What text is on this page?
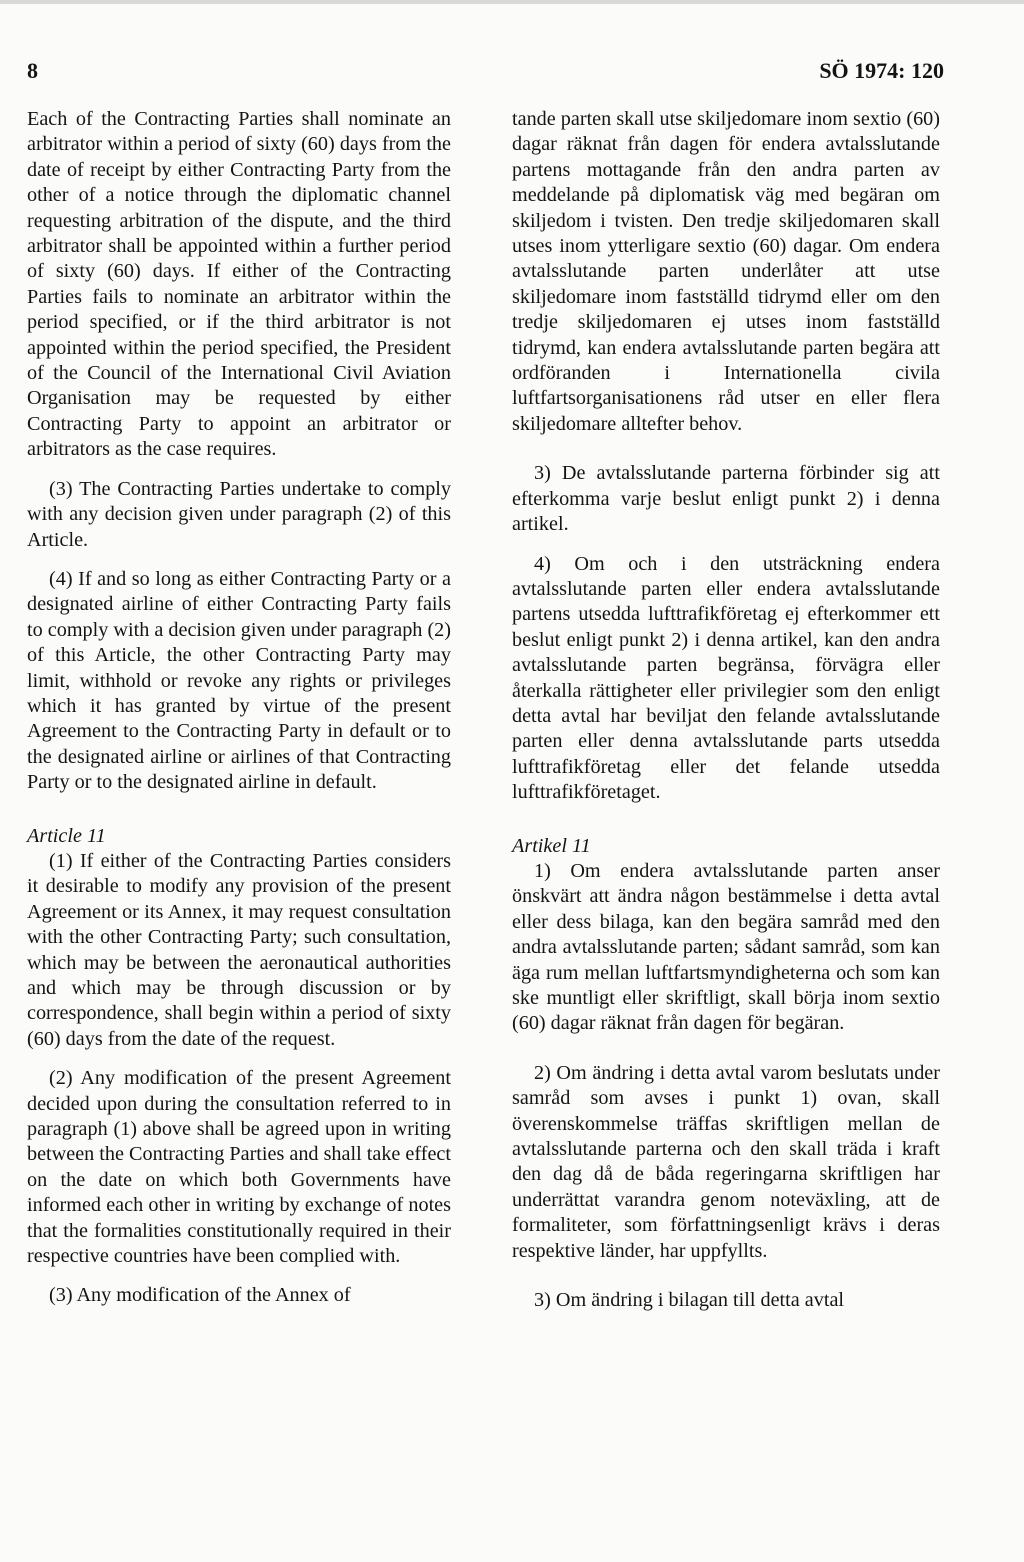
8	SÖ 1974: 120

Each of the Contracting Parties shall nominate an arbitrator within a period of sixty (60) days from the date of receipt by either Contracting Party from the other of a notice through the diplomatic channel requesting arbitration of the dispute, and the third arbitrator shall be appointed within a further period of sixty (60) days. If either of the Contracting Parties fails to nominate an arbitrator within the period specified, or if the third arbitrator is not appointed within the period specified, the President of the Council of the International Civil Aviation Organisation may be requested by either Contracting Party to appoint an arbitrator or arbitrators as the case requires.

(3) The Contracting Parties undertake to comply with any decision given under paragraph (2) of this Article.

(4) If and so long as either Contracting Party or a designated airline of either Contracting Party fails to comply with a decision given under paragraph (2) of this Article, the other Contracting Party may limit, withhold or revoke any rights or privileges which it has granted by virtue of the present Agreement to the Contracting Party in default or to the designated airline or airlines of that Contracting Party or to the designated airline in default.

Article 11

(1) If either of the Contracting Parties considers it desirable to modify any provision of the present Agreement or its Annex, it may request consultation with the other Contracting Party; such consultation, which may be between the aeronautical authorities and which may be through discussion or by correspondence, shall begin within a period of sixty (60) days from the date of the request.

(2) Any modification of the present Agreement decided upon during the consultation referred to in paragraph (1) above shall be agreed upon in writing between the Contracting Parties and shall take effect on the date on which both Governments have informed each other in writing by exchange of notes that the formalities constitutionally required in their respective countries have been complied with.

(3) Any modification of the Annex of

tande parten skall utse skiljedomare inom sextio (60) dagar räknat från dagen för endera avtalsslutande partens mottagande från den andra parten av meddelande på diplomatisk väg med begäran om skiljedom i tvisten. Den tredje skiljedomaren skall utses inom ytterligare sextio (60) dagar. Om endera avtalsslutande parten underlåter att utse skiljedomare inom fastställd tidrymd eller om den tredje skiljedomaren ej utses inom fastställd tidrymd, kan endera avtalsslutande parten begära att ordföranden i Internationella civila luftfartsorganisationens råd utser en eller flera skiljedomare alltefter behov.

3) De avtalsslutande parterna förbinder sig att efterkomma varje beslut enligt punkt 2) i denna artikel.

4) Om och i den utsträckning endera avtalsslutande parten eller endera avtalsslutande partens utsedda lufttrafikföretag ej efterkommer ett beslut enligt punkt 2) i denna artikel, kan den andra avtalsslutande parten begränsa, förvägra eller återkalla rättigheter eller privilegier som den enligt detta avtal har beviljat den felande avtalsslutande parten eller denna avtalsslutande parts utsedda lufttrafikföretag eller det felande utsedda lufttrafikföretaget.

Artikel 11

1) Om endera avtalsslutande parten anser önskvärt att ändra någon bestämmelse i detta avtal eller dess bilaga, kan den begära samråd med den andra avtalsslutande parten; sådant samråd, som kan äga rum mellan luftfartsmyndigheterna och som kan ske muntligt eller skriftligt, skall börja inom sextio (60) dagar räknat från dagen för begäran.

2) Om ändring i detta avtal varom beslutats under samråd som avses i punkt 1) ovan, skall överenskommelse träffas skriftligen mellan de avtalsslutande parterna och den skall träda i kraft den dag då de båda regeringarna skriftligen har underrättat varandra genom noteväxling, att de formaliteter, som författningsenligt krävs i deras respektive länder, har uppfyllts.

3) Om ändring i bilagan till detta avtal
